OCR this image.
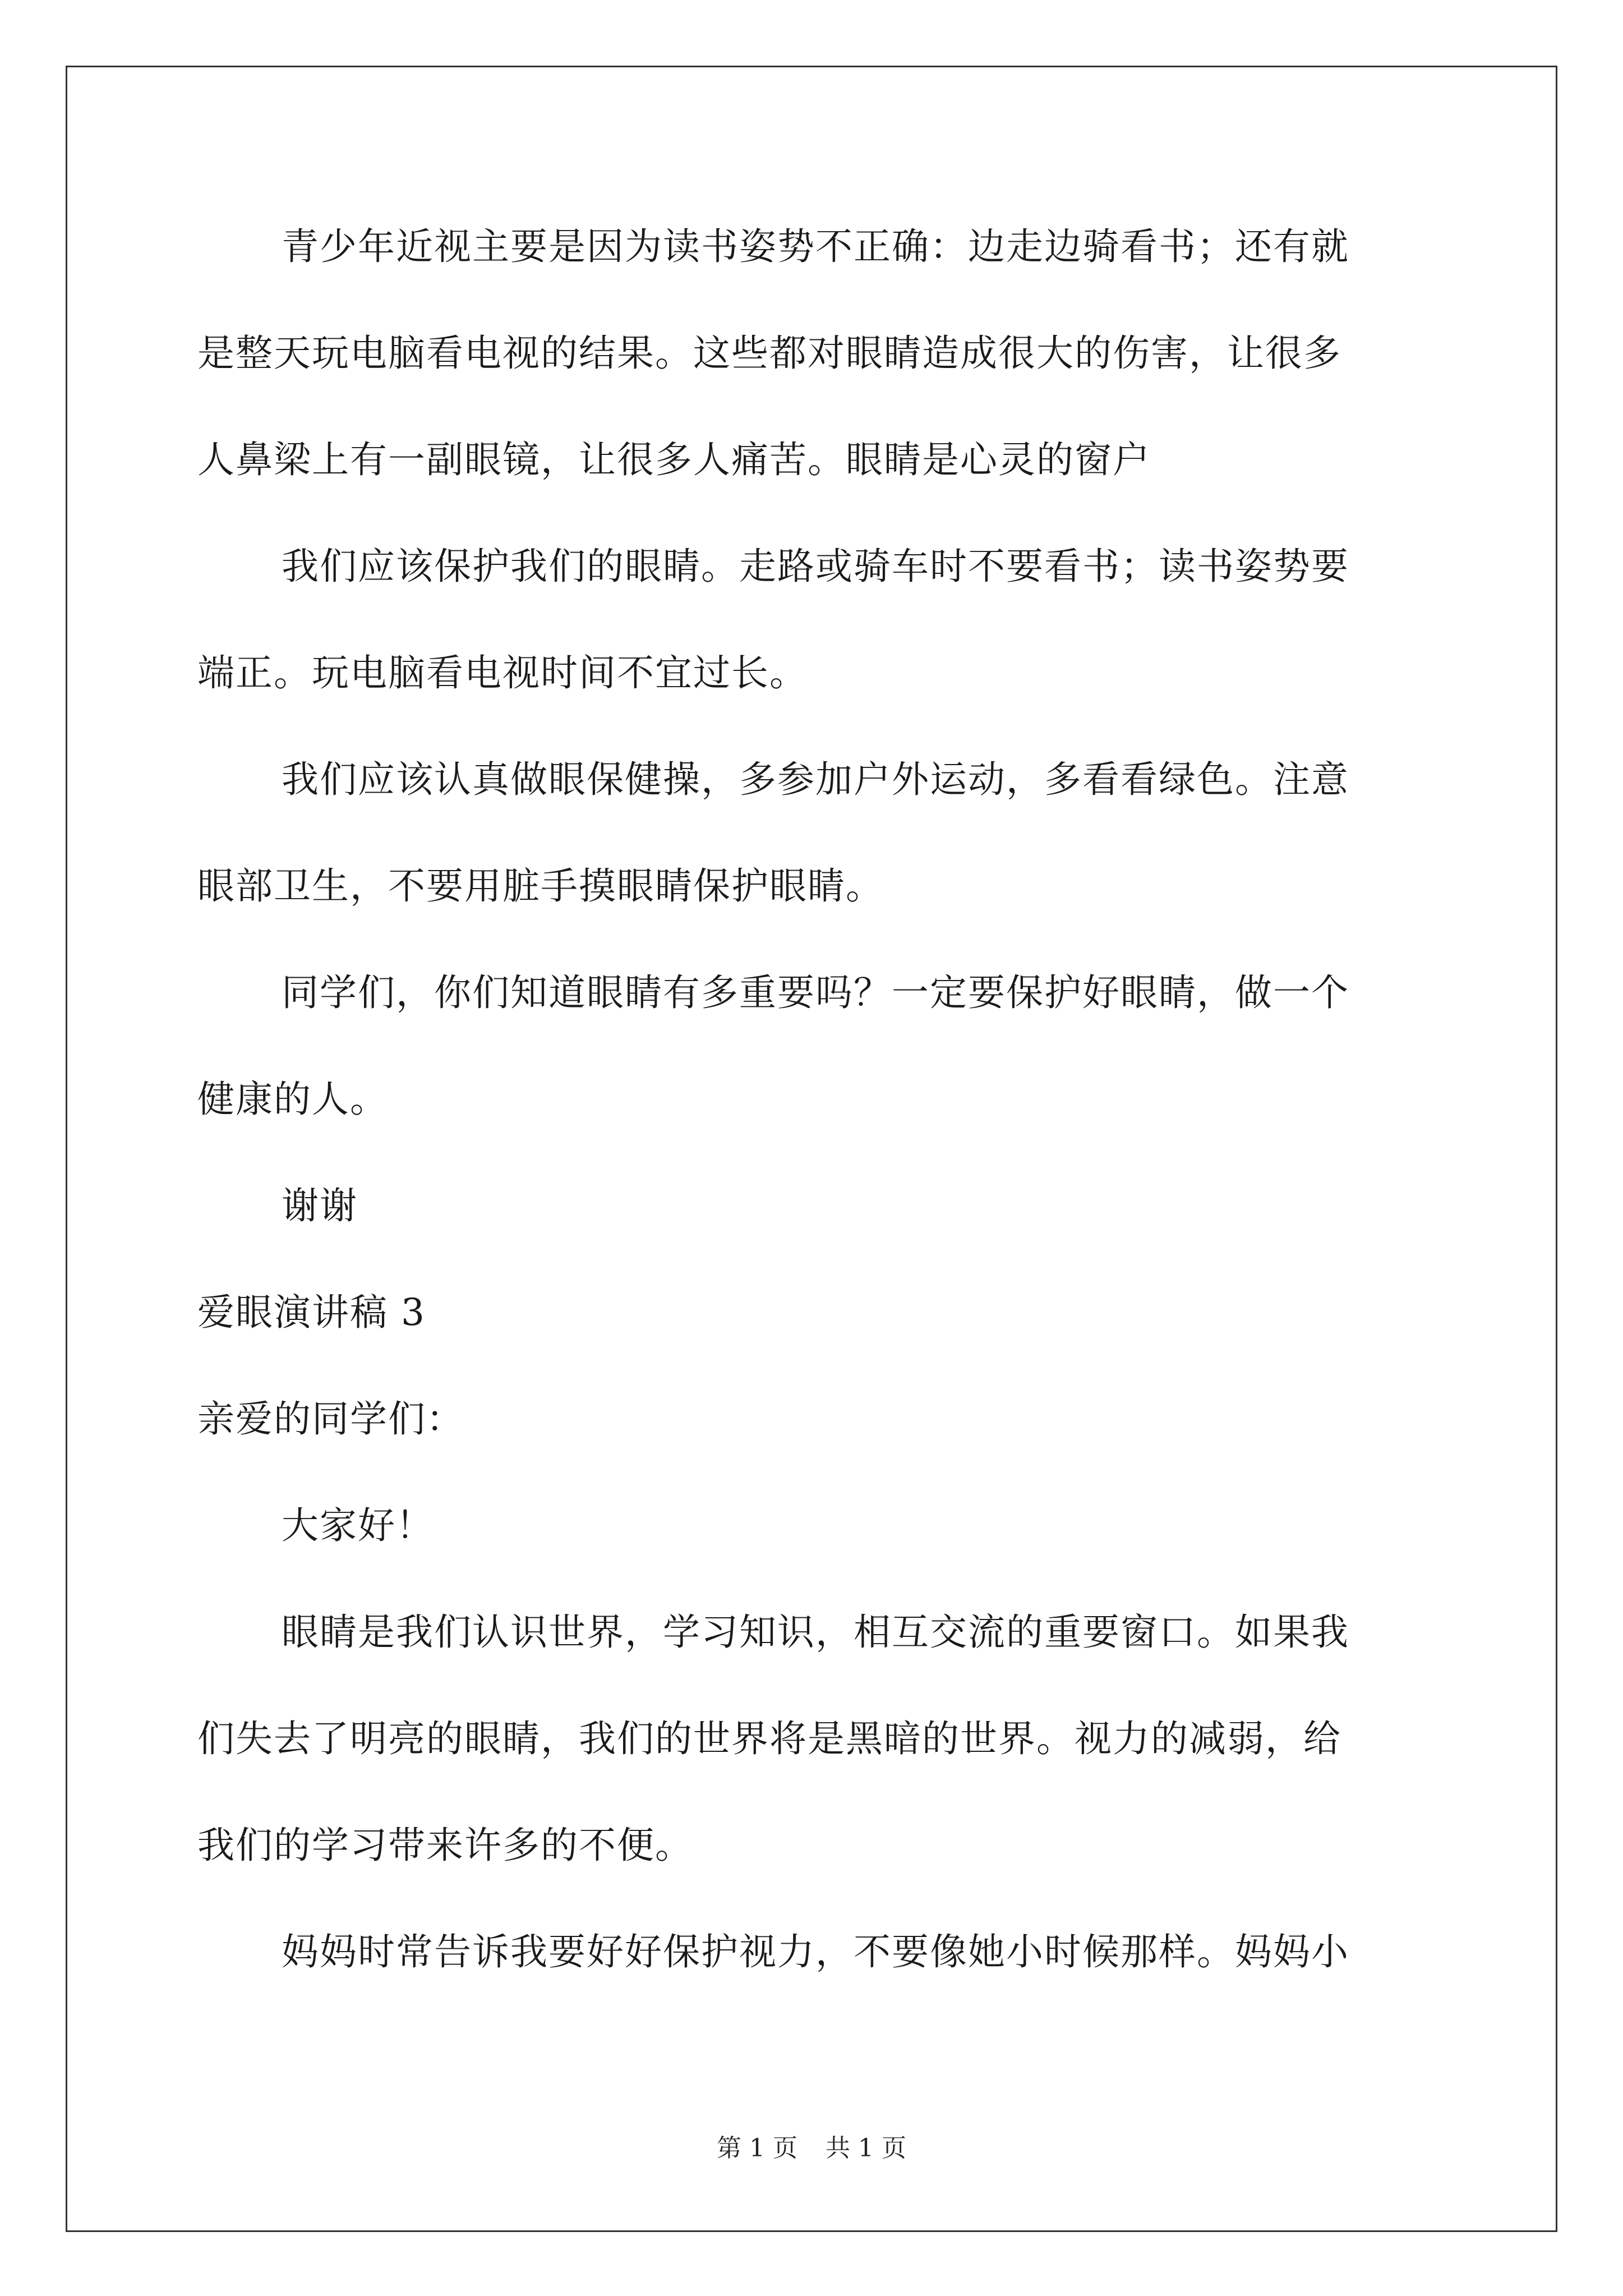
青少年近视主要是因为读书姿势不正确：边走边骑看书；还有就
是整天玩电脑看电视的结果。这些都对眼睛造成很大的伤害，让很多
人鼻梁上有一副眼镜，让很多人痛苦。眼睛是心灵的窗户
我们应该保护我们的眼睛。走路或骑车时不要看书；读书姿势要
端正。玩电脑看电视时间不宜过长。
我们应该认真做眼保健操，多参加户外运动，多看看绿色。注意
眼部卫生，不要用脏手摸眼睛保护眼睛。
同学们，你们知道眼睛有多重要吗？一定要保护好眼睛，做一个
健康的人。
谢谢
爱眼演讲稿 3
亲爱的同学们：
大家好！
眼睛是我们认识世界，学习知识，相互交流的重要窗口。如果我
们失去了明亮的眼睛，我们的世界将是黑暗的世界。视力的减弱，给
我们的学习带来许多的不便。
妈妈时常告诉我要好好保护视力，不要像她小时候那样。妈妈小
第 1 页 共 1 页
